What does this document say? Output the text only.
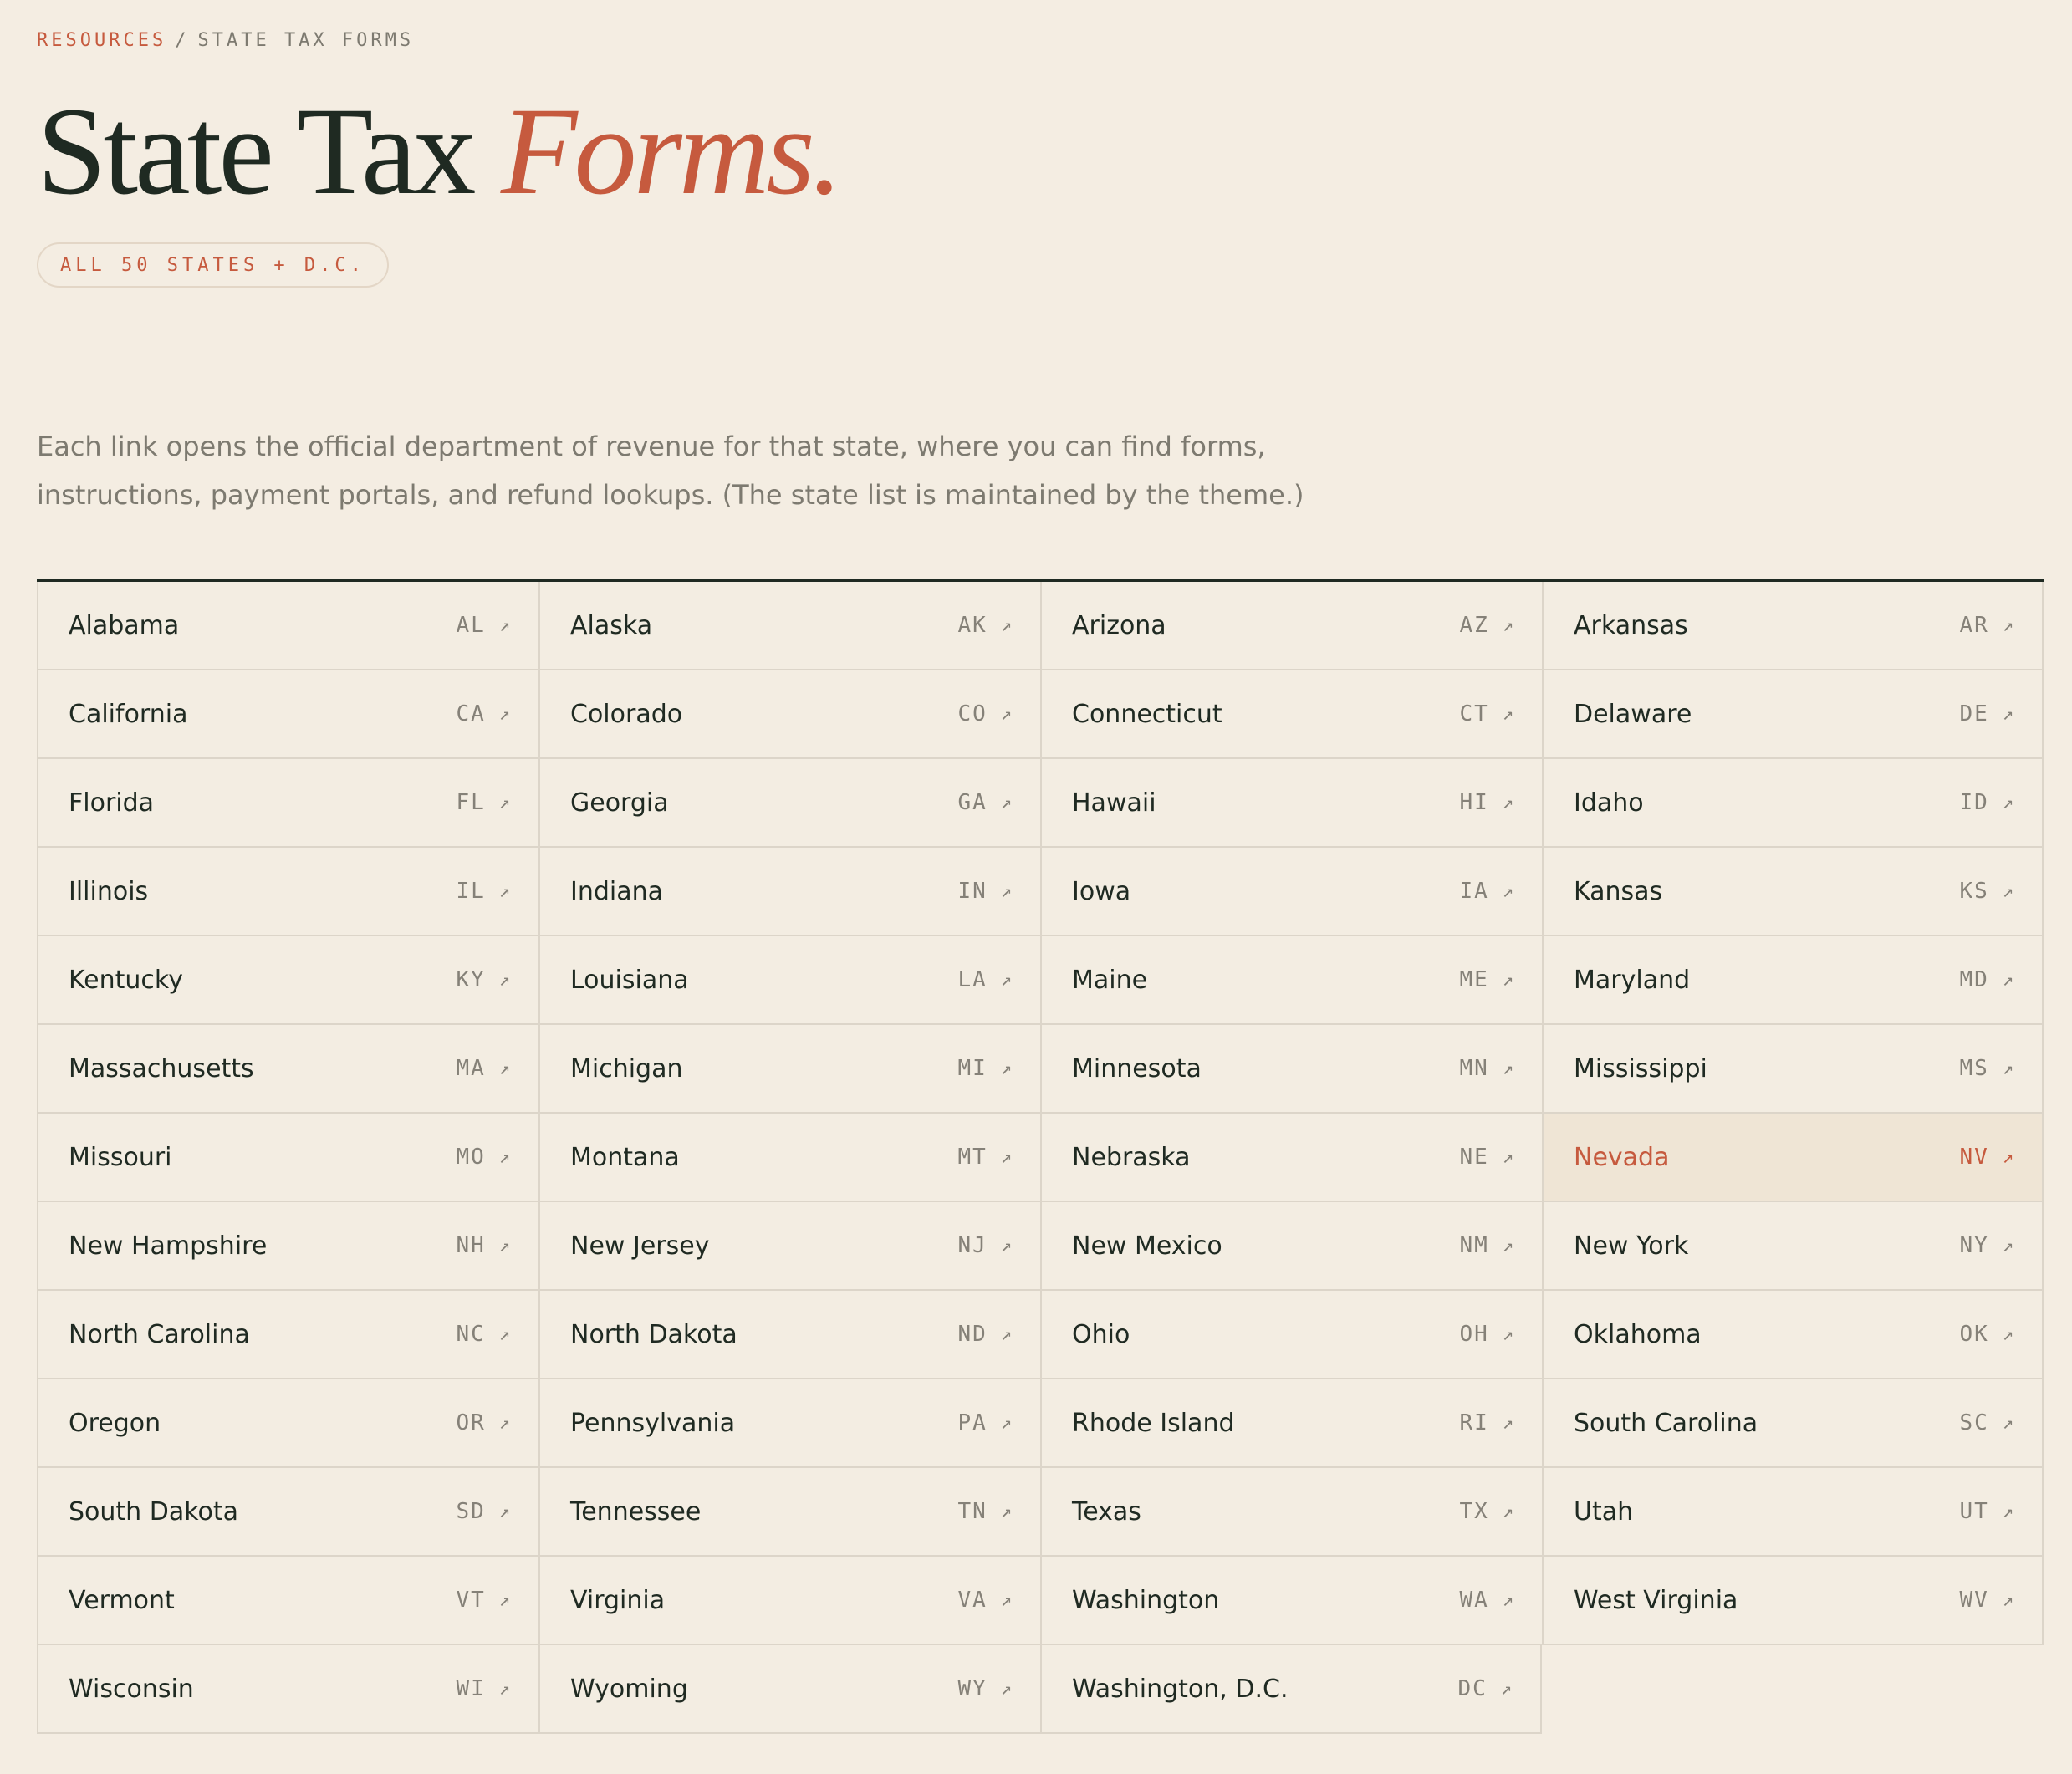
RESOURCES / STATE TAX FORMS
State Tax Forms.
ALL 50 STATES + D.C.

Each link opens the official department of revenue for that state, where you can find forms, instructions, payment portals, and refund lookups. (The state list is maintained by the theme.)

Alabama	AL ↗ Alaska	AK ↗ Arizona	AZ ↗ Arkansas	AR ↗
California	CA ↗ Colorado	CO ↗ Connecticut	CT ↗ Delaware	DE ↗
Florida	FL ↗ Georgia	GA ↗ Hawaii	HI ↗ Idaho	ID ↗
Illinois	IL ↗ Indiana	IN ↗ Iowa	IA ↗ Kansas	KS ↗
Kentucky	KY ↗ Louisiana	LA ↗ Maine	ME ↗ Maryland	MD ↗
Massachusetts	MA ↗ Michigan	MI ↗ Minnesota	MN ↗ Mississippi	MS ↗
Missouri	MO ↗ Montana	MT ↗ Nebraska	NE ↗ Nevada	NV ↗
New Hampshire	NH ↗ New Jersey	NJ ↗ New Mexico	NM ↗ New York	NY ↗
North Carolina	NC ↗ North Dakota	ND ↗ Ohio	OH ↗ Oklahoma	OK ↗
Oregon	OR ↗ Pennsylvania	PA ↗ Rhode Island	RI ↗ South Carolina	SC ↗
South Dakota	SD ↗ Tennessee	TN ↗ Texas	TX ↗ Utah	UT ↗
Vermont	VT ↗ Virginia	VA ↗ Washington	WA ↗ West Virginia	WV ↗
Wisconsin	WI ↗ Wyoming	WY ↗ Washington, D.C.	DC ↗
